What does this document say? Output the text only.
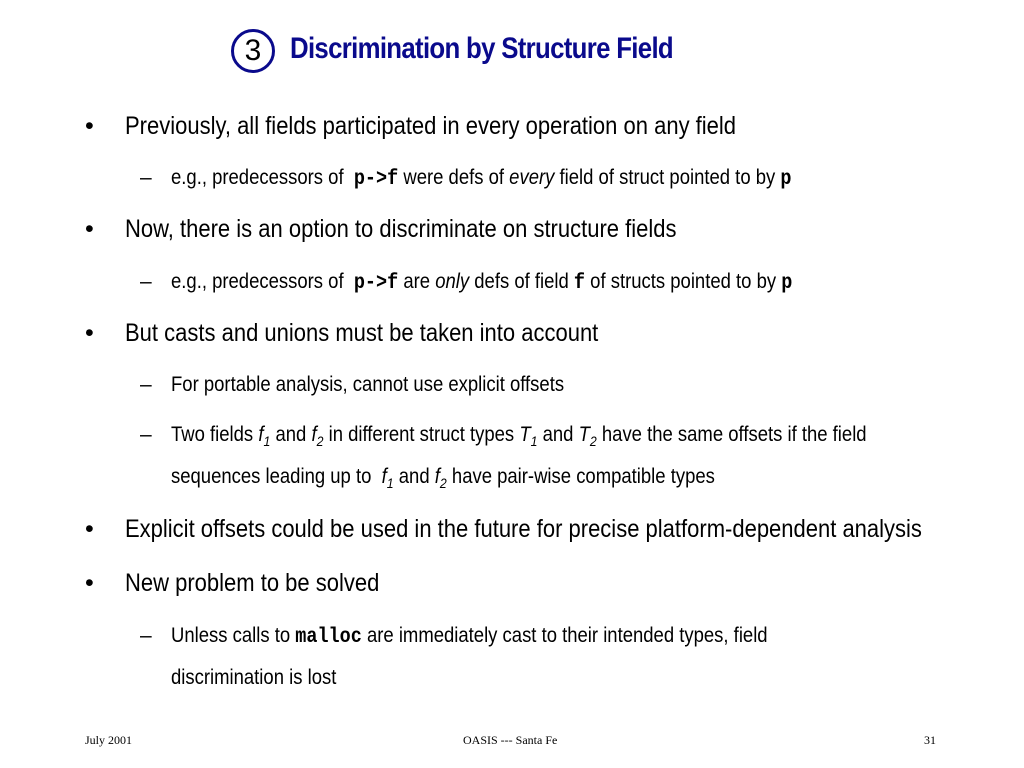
3 Discrimination by Structure Field
• Previously, all fields participated in every operation on any field
– e.g., predecessors of p->f were defs of every field of struct pointed to by p
• Now, there is an option to discriminate on structure fields
– e.g., predecessors of p->f are only defs of field f of structs pointed to by p
• But casts and unions must be taken into account
– For portable analysis, cannot use explicit offsets
– Two fields $f_1$ and $f_2$ in different struct types $T_1$ and $T_2$ have the same offsets if the field
sequences leading up to $f_1$ and $f_2$ have pair-wise compatible types
• Explicit offsets could be used in the future for precise platform-dependent analysis
• New problem to be solved
– Unless calls to malloc are immediately cast to their intended types, field
discrimination is lost
July 2001	OASIS --- Santa Fe	31
